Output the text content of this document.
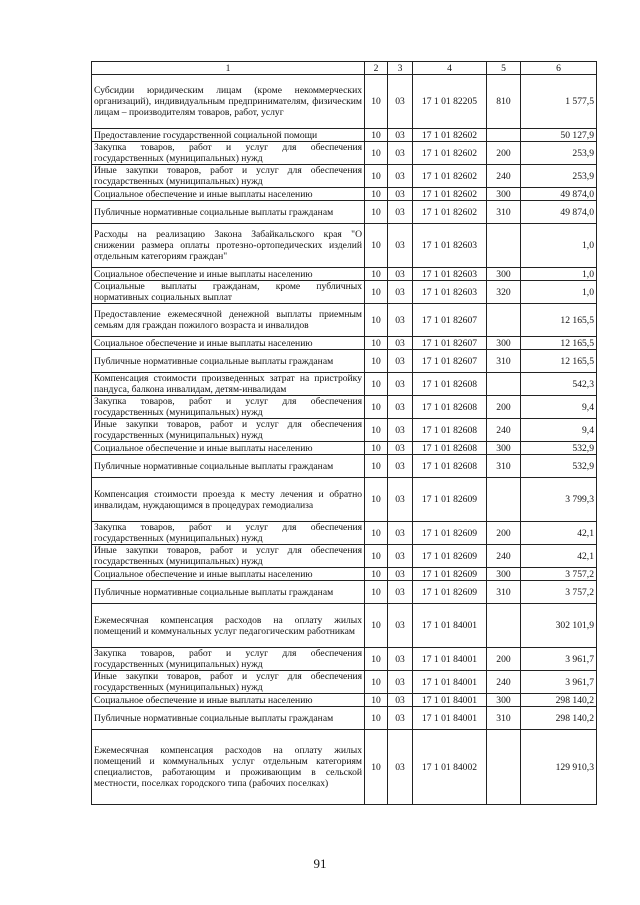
1	2	3	4	5	6
Субсидии юридическим лицам (кроме некоммерческих организаций), индивидуальным предпринимателям, физическим лицам – производителям товаров, работ, услуг	10	03	17 1 01 82205	810	1 577,5
Предоставление государственной социальной помощи	10	03	17 1 01 82602		50 127,9
Закупка товаров, работ и услуг для обеспечения государственных (муниципальных) нужд	10	03	17 1 01 82602	200	253,9
Иные закупки товаров, работ и услуг для обеспечения государственных (муниципальных) нужд	10	03	17 1 01 82602	240	253,9
Социальное обеспечение и иные выплаты населению	10	03	17 1 01 82602	300	49 874,0
Публичные нормативные социальные выплаты гражданам	10	03	17 1 01 82602	310	49 874,0
Расходы на реализацию Закона Забайкальского края "О снижении размера оплаты протезно-ортопедических изделий отдельным категориям граждан"	10	03	17 1 01 82603		1,0
Социальное обеспечение и иные выплаты населению	10	03	17 1 01 82603	300	1,0
Социальные выплаты гражданам, кроме публичных нормативных социальных выплат	10	03	17 1 01 82603	320	1,0
Предоставление ежемесячной денежной выплаты приемным семьям для граждан пожилого возраста и инвалидов	10	03	17 1 01 82607		12 165,5
Социальное обеспечение и иные выплаты населению	10	03	17 1 01 82607	300	12 165,5
Публичные нормативные социальные выплаты гражданам	10	03	17 1 01 82607	310	12 165,5
Компенсация стоимости произведенных затрат на пристройку пандуса, балкона инвалидам, детям-инвалидам	10	03	17 1 01 82608		542,3
Закупка товаров, работ и услуг для обеспечения государственных (муниципальных) нужд	10	03	17 1 01 82608	200	9,4
Иные закупки товаров, работ и услуг для обеспечения государственных (муниципальных) нужд	10	03	17 1 01 82608	240	9,4
Социальное обеспечение и иные выплаты населению	10	03	17 1 01 82608	300	532,9
Публичные нормативные социальные выплаты гражданам	10	03	17 1 01 82608	310	532,9
Компенсация стоимости проезда к месту лечения и обратно инвалидам, нуждающимся в процедурах гемодиализа	10	03	17 1 01 82609		3 799,3
Закупка товаров, работ и услуг для обеспечения государственных (муниципальных) нужд	10	03	17 1 01 82609	200	42,1
Иные закупки товаров, работ и услуг для обеспечения государственных (муниципальных) нужд	10	03	17 1 01 82609	240	42,1
Социальное обеспечение и иные выплаты населению	10	03	17 1 01 82609	300	3 757,2
Публичные нормативные социальные выплаты гражданам	10	03	17 1 01 82609	310	3 757,2
Ежемесячная компенсация расходов на оплату жилых помещений и коммунальных услуг педагогическим работникам	10	03	17 1 01 84001		302 101,9
Закупка товаров, работ и услуг для обеспечения государственных (муниципальных) нужд	10	03	17 1 01 84001	200	3 961,7
Иные закупки товаров, работ и услуг для обеспечения государственных (муниципальных) нужд	10	03	17 1 01 84001	240	3 961,7
Социальное обеспечение и иные выплаты населению	10	03	17 1 01 84001	300	298 140,2
Публичные нормативные социальные выплаты гражданам	10	03	17 1 01 84001	310	298 140,2
Ежемесячная компенсация расходов на оплату жилых помещений и коммунальных услуг отдельным категориям специалистов, работающим и проживающим в сельской местности, поселках городского типа (рабочих поселках)	10	03	17 1 01 84002		129 910,3
91
